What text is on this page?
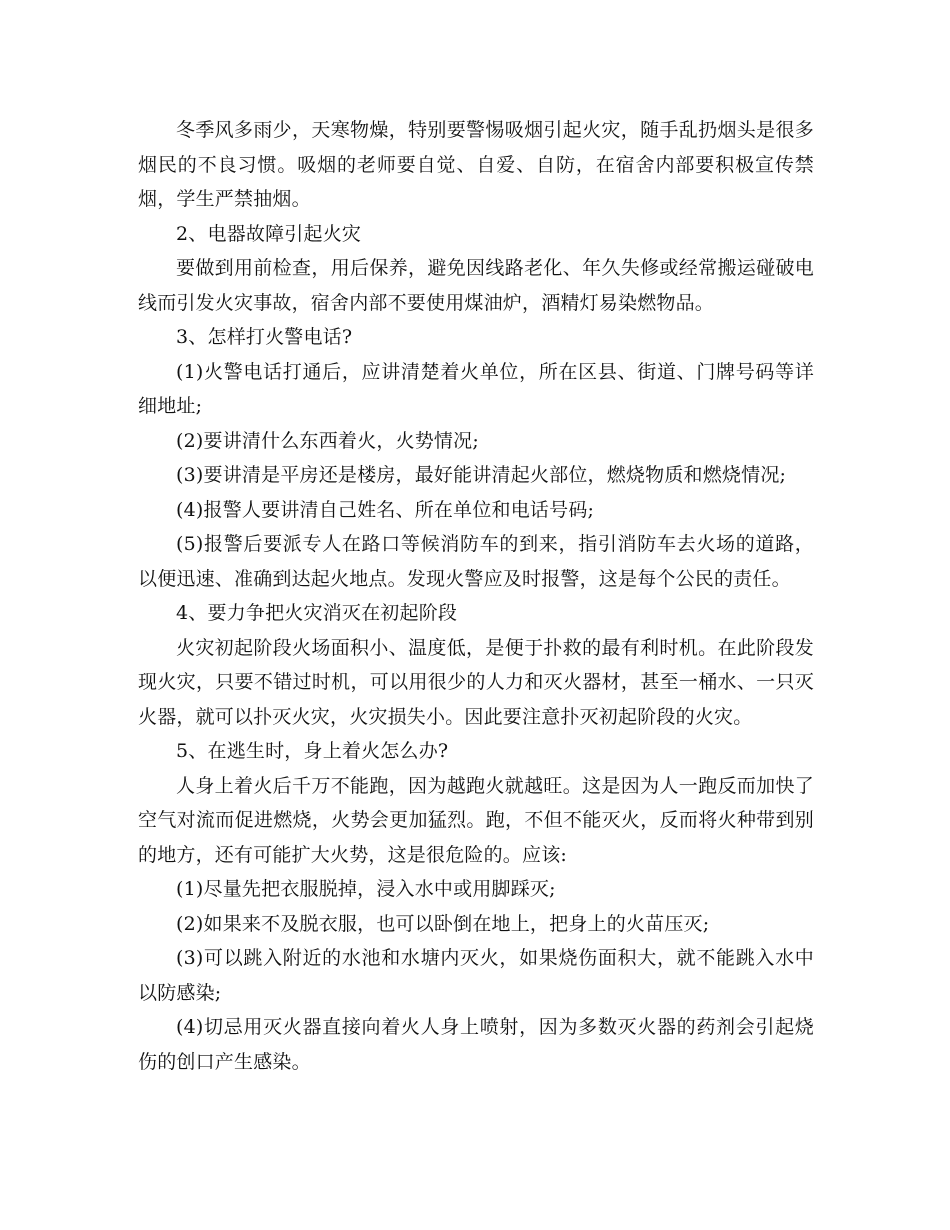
冬季风多雨少，天寒物燥，特别要警惕吸烟引起火灾，随手乱扔烟头是很多烟民的不良习惯。吸烟的老师要自觉、自爱、自防，在宿舍内部要积极宣传禁烟，学生严禁抽烟。

2、电器故障引起火灾

要做到用前检查，用后保养，避免因线路老化、年久失修或经常搬运碰破电线而引发火灾事故，宿舍内部不要使用煤油炉，酒精灯易染燃物品。

3、怎样打火警电话?

(1)火警电话打通后，应讲清楚着火单位，所在区县、街道、门牌号码等详细地址;

(2)要讲清什么东西着火，火势情况;

(3)要讲清是平房还是楼房，最好能讲清起火部位，燃烧物质和燃烧情况;

(4)报警人要讲清自己姓名、所在单位和电话号码;

(5)报警后要派专人在路口等候消防车的到来，指引消防车去火场的道路，以便迅速、准确到达起火地点。发现火警应及时报警，这是每个公民的责任。

4、要力争把火灾消灭在初起阶段

火灾初起阶段火场面积小、温度低，是便于扑救的最有利时机。在此阶段发现火灾，只要不错过时机，可以用很少的人力和灭火器材，甚至一桶水、一只灭火器，就可以扑灭火灾，火灾损失小。因此要注意扑灭初起阶段的火灾。

5、在逃生时，身上着火怎么办?

人身上着火后千万不能跑，因为越跑火就越旺。这是因为人一跑反而加快了空气对流而促进燃烧，火势会更加猛烈。跑，不但不能灭火，反而将火种带到别的地方，还有可能扩大火势，这是很危险的。应该:

(1)尽量先把衣服脱掉，浸入水中或用脚踩灭;

(2)如果来不及脱衣服，也可以卧倒在地上，把身上的火苗压灭;

(3)可以跳入附近的水池和水塘内灭火，如果烧伤面积大，就不能跳入水中以防感染;

(4)切忌用灭火器直接向着火人身上喷射，因为多数灭火器的药剂会引起烧伤的创口产生感染。
